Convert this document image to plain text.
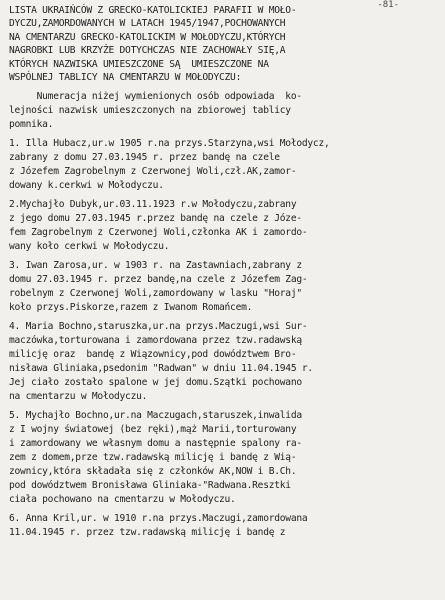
-81-
LISTA UKRAIŃCÓW Z GRECKO-KATOLICKIEJ PARAFII W MOŁO-
DYCZU,ZAMORDOWANYCH W LATACH 1945/1947,POCHOWANYCH
NA CMENTARZU GRECKO-KATOLICKIM W MOŁODYCZU,KTÓRYCH
NAGROBKI LUB KRZYŻE DOTYCHCZAS NIE ZACHOWAŁY SIĘ,A
KTÓRYCH NAZWISKA UMIESZCZONE SĄ  UMIESZCZONE NA
WSPÓLNEJ TABLICY NA CMENTARZU W MOŁODYCZU:
Numeracja niżej wymienionych osób odpowiada  ko-
lejności nazwisk umieszczonych na zbiorowej tablicy
pomnika.
1. Illa Hubacz,ur.w 1905 r.na przys.Starzyna,wsi Mołodycz,
zabrany z domu 27.03.1945 r. przez bandę na czele
z Józefem Zagrobelnym z Czerwonej Woli,czł.AK,zamor-
dowany k.cerkwi w Mołodyczu.
2.Mychajło Dubyk,ur.03.11.1923 r.w Mołodyczu,zabrany
z jego domu 27.03.1945 r.przez bandę na czele z Józe-
fem Zagrobelnym z Czerwonej Woli,członka AK i zamordo-
wany koło cerkwi w Mołodyczu.
3. Iwan Zarosa,ur. w 1903 r. na Zastawniach,zabrany z
domu 27.03.1945 r. przez bandę,na czele z Józefem Zag-
robelnym z Czerwonej Woli,zamordowany w lasku "Horaj"
koło przys.Piskorze,razem z Iwanom Romańcem.
4. Maria Bochno,staruszka,ur.na przys.Maczugi,wsi Sur-
maczówka,torturowana i zamordowana przez tzw.radawską
milicję oraz  bandę z Wiązownicy,pod dowództwem Bro-
nisława Gliniaka,psedonim "Radwan" w dniu 11.04.1945 r.
Jej ciało zostało spalone w jej domu.Szątki pochowano
na cmentarzu w Mołodyczu.
5. Mychajło Bochno,ur.na Maczugach,staruszek,inwalida
z I wojny światowej (bez ręki),mąż Marii,torturowany
i zamordowany we własnym domu a następnie spalony ra-
zem z domem,prze tzw.radawską milicję i bandę z Wią-
zownicy,która składała się z członków AK,NOW i B.Ch.
pod dowództwem Bronisława Gliniaka-"Radwana.Resztki
ciała pochowano na cmentarzu w Mołodyczu.
6. Anna Kril,ur. w 1910 r.na przys.Maczugi,zamordowana
11.04.1945 r. przez tzw.radawską milicję i bandę z
